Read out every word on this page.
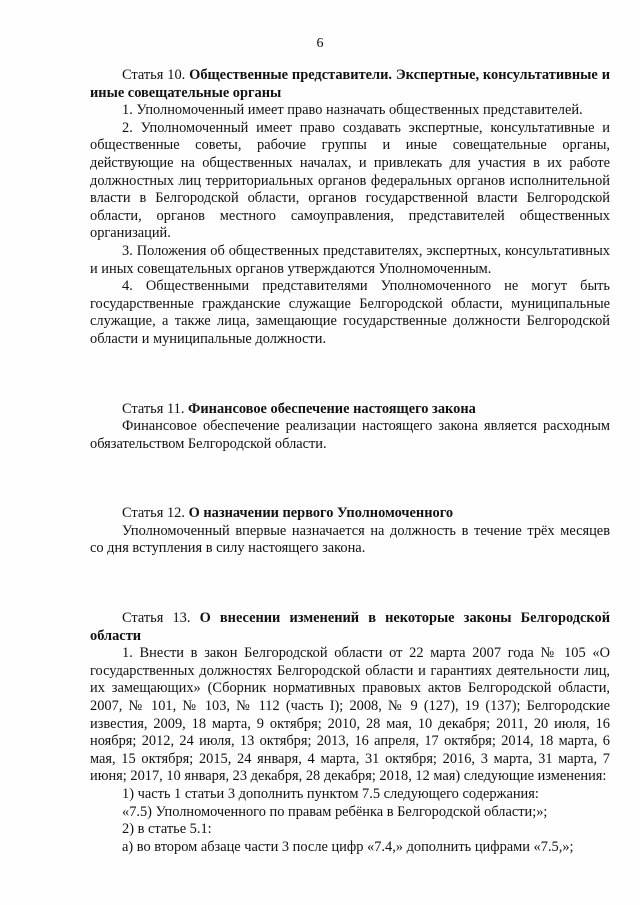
6

Статья 10. Общественные представители. Экспертные, консультативные и иные совещательные органы

1. Уполномоченный имеет право назначать общественных представителей.

2. Уполномоченный имеет право создавать экспертные, консультативные и общественные советы, рабочие группы и иные совещательные органы, действующие на общественных началах, и привлекать для участия в их работе должностных лиц территориальных органов федеральных органов исполнительной власти в Белгородской области, органов государственной власти Белгородской области, органов местного самоуправления, представителей общественных организаций.

3. Положения об общественных представителях, экспертных, консультативных и иных совещательных органов утверждаются Уполномоченным.

4. Общественными представителями Уполномоченного не могут быть государственные гражданские служащие Белгородской области, муниципальные служащие, а также лица, замещающие государственные должности Белгородской области и муниципальные должности.

Статья 11. Финансовое обеспечение настоящего закона

Финансовое обеспечение реализации настоящего закона является расходным обязательством Белгородской области.

Статья 12. О назначении первого Уполномоченного

Уполномоченный впервые назначается на должность в течение трёх месяцев со дня вступления в силу настоящего закона.

Статья 13. О внесении изменений в некоторые законы Белгородской области

1. Внести в закон Белгородской области от 22 марта 2007 года № 105 «О государственных должностях Белгородской области и гарантиях деятельности лиц, их замещающих» (Сборник нормативных правовых актов Белгородской области, 2007, № 101, № 103, № 112 (часть I); 2008, № 9 (127), 19 (137); Белгородские известия, 2009, 18 марта, 9 октября; 2010, 28 мая, 10 декабря; 2011, 20 июля, 16 ноября; 2012, 24 июля, 13 октября; 2013, 16 апреля, 17 октября; 2014, 18 марта, 6 мая, 15 октября; 2015, 24 января, 4 марта, 31 октября; 2016, 3 марта, 31 марта, 7 июня; 2017, 10 января, 23 декабря, 28 декабря; 2018, 12 мая) следующие изменения:

1) часть 1 статьи 3 дополнить пунктом 7.5 следующего содержания:

«7.5) Уполномоченного по правам ребёнка в Белгородской области;»;

2) в статье 5.1:

а) во втором абзаце части 3 после цифр «7.4,» дополнить цифрами «7.5,»;
